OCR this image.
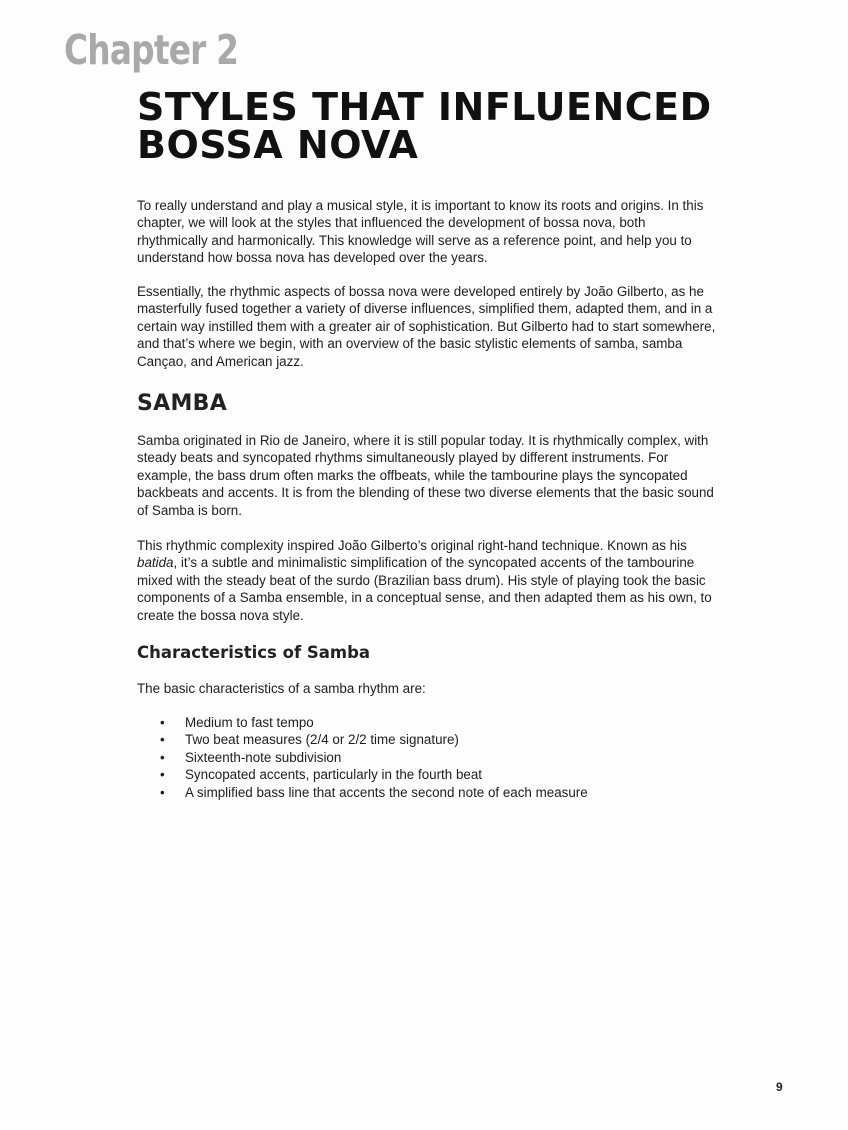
Chapter 2
STYLES THAT INFLUENCED
BOSSA NOVA

To really understand and play a musical style, it is important to know its roots and origins. In this chapter, we will look at the styles that influenced the development of bossa nova, both rhythmically and harmonically. This knowledge will serve as a reference point, and help you to understand how bossa nova has developed over the years.

Essentially, the rhythmic aspects of bossa nova were developed entirely by João Gilberto, as he masterfully fused together a variety of diverse influences, simplified them, adapted them, and in a certain way instilled them with a greater air of sophistication. But Gilberto had to start somewhere, and that’s where we begin, with an overview of the basic stylistic elements of samba, samba Cançao, and American jazz.

SAMBA

Samba originated in Rio de Janeiro, where it is still popular today. It is rhythmically complex, with steady beats and syncopated rhythms simultaneously played by different instruments. For example, the bass drum often marks the offbeats, while the tambourine plays the syncopated backbeats and accents. It is from the blending of these two diverse elements that the basic sound of Samba is born.

This rhythmic complexity inspired João Gilberto’s original right-hand technique. Known as his batida, it’s a subtle and minimalistic simplification of the syncopated accents of the tambourine mixed with the steady beat of the surdo (Brazilian bass drum). His style of playing took the basic components of a Samba ensemble, in a conceptual sense, and then adapted them as his own, to create the bossa nova style.

Characteristics of Samba

The basic characteristics of a samba rhythm are:

• Medium to fast tempo
• Two beat measures (2/4 or 2/2 time signature)
• Sixteenth-note subdivision
• Syncopated accents, particularly in the fourth beat
• A simplified bass line that accents the second note of each measure
9
